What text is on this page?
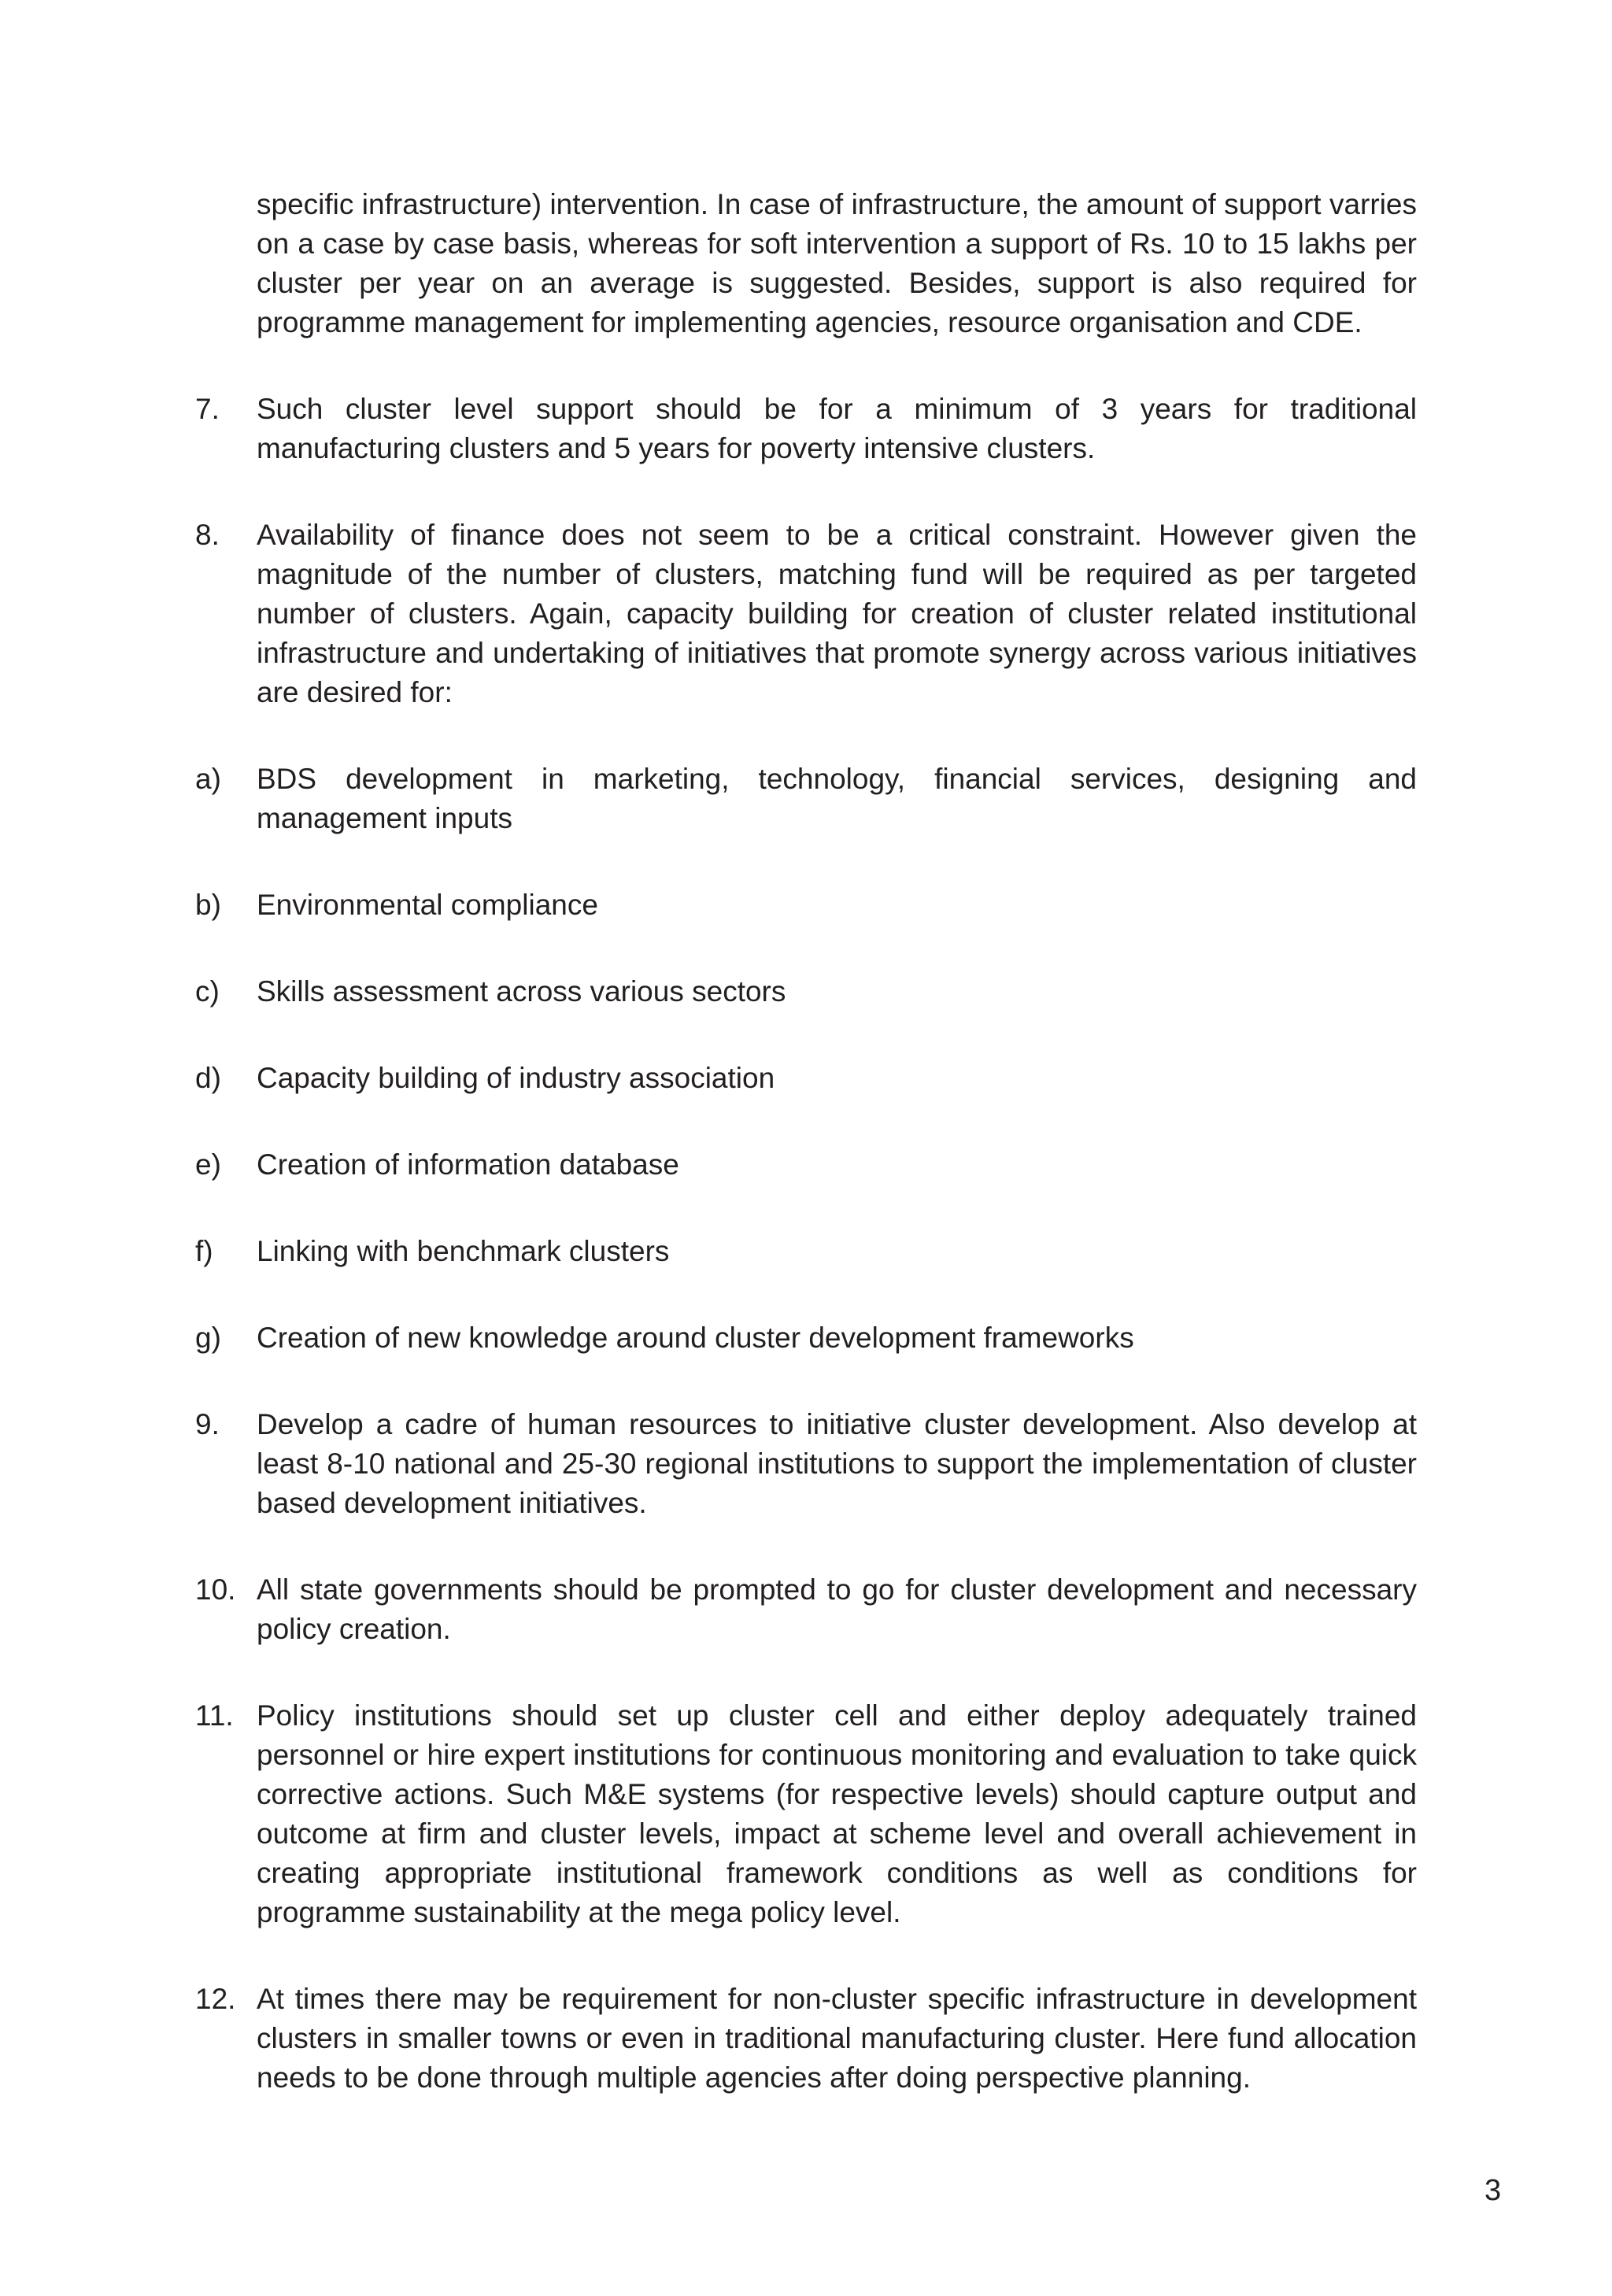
specific infrastructure) intervention. In case of infrastructure, the amount of support varries on a case by case basis, whereas for soft intervention a support of Rs. 10 to 15 lakhs per cluster per year on an average is suggested. Besides, support is also required for programme management for implementing agencies, resource organisation and CDE.
7.	Such cluster level support should be for a minimum of 3 years for traditional manufacturing clusters and 5 years for poverty intensive clusters.
8.	Availability of finance does not seem to be a critical constraint. However given the magnitude of the number of clusters, matching fund will be required as per targeted number of clusters. Again, capacity building for creation of cluster related institutional infrastructure and undertaking of initiatives that promote synergy across various initiatives are desired for:
a)	BDS development in marketing, technology, financial services, designing and management inputs
b)	Environmental compliance
c)	Skills assessment across various sectors
d)	Capacity building of industry association
e)	Creation of information database
f)	Linking with benchmark clusters
g)	Creation of new knowledge around cluster development frameworks
9.	Develop a cadre of human resources to initiative cluster development. Also develop at least 8-10 national and 25-30 regional institutions to support the implementation of cluster based development initiatives.
10. All state governments should be prompted to go for cluster development and necessary policy creation.
11. Policy institutions should set up cluster cell and either deploy adequately trained personnel or hire expert institutions for continuous monitoring and evaluation to take quick corrective actions. Such M&E systems (for respective levels) should capture output and outcome at firm and cluster levels, impact at scheme level and overall achievement in creating appropriate institutional framework conditions as well as conditions for programme sustainability at the mega policy level.
12. At times there may be requirement for non-cluster specific infrastructure in development clusters in smaller towns or even in traditional manufacturing cluster. Here fund allocation needs to be done through multiple agencies after doing perspective planning.
3
